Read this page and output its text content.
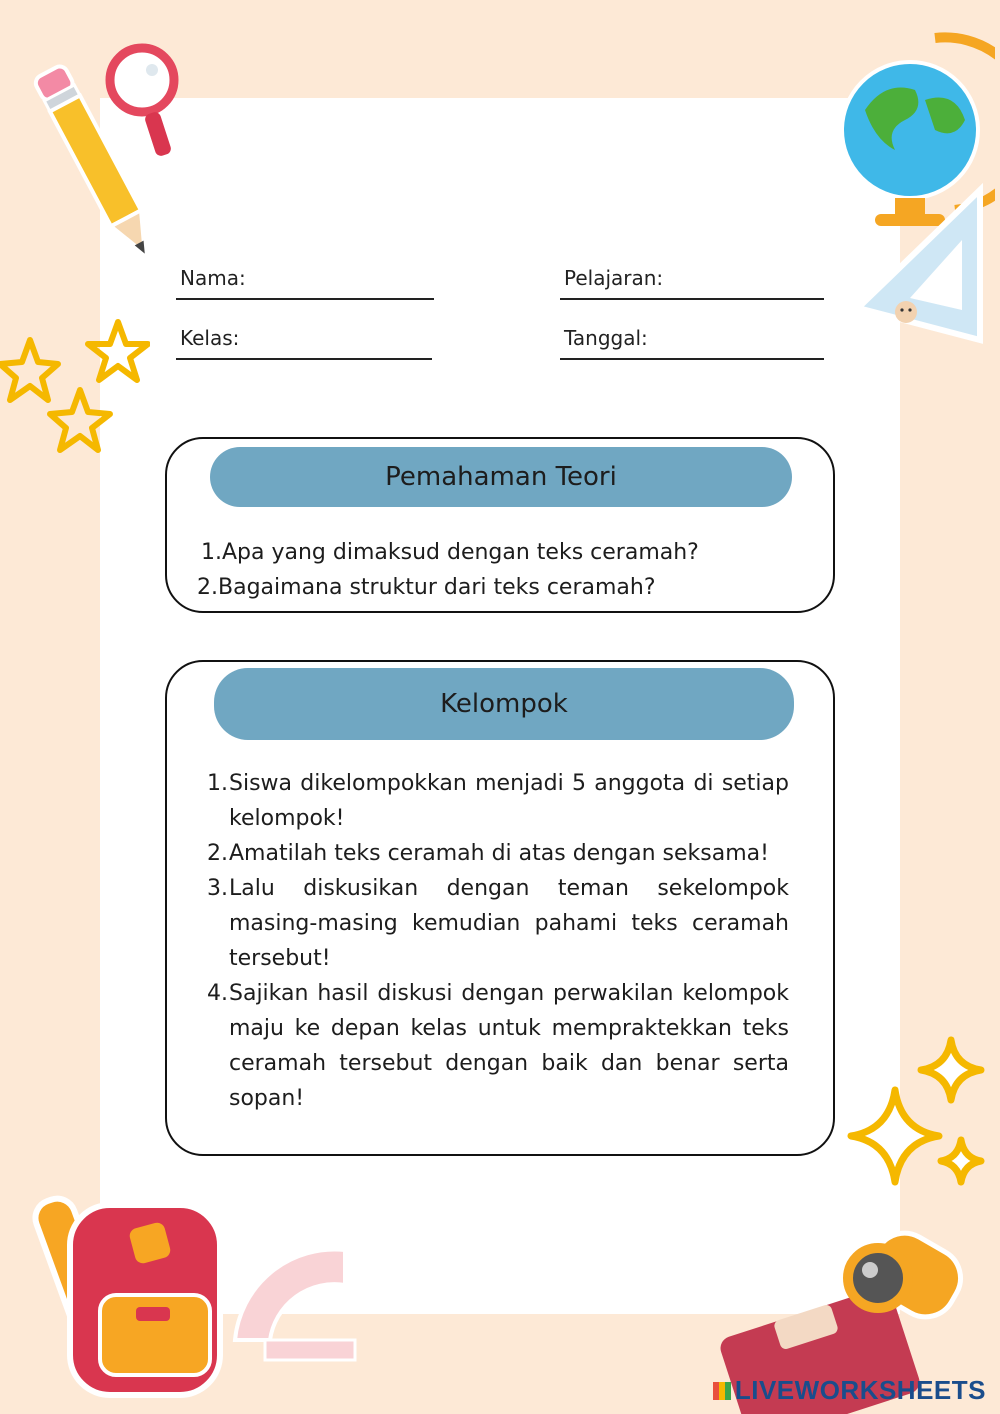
Nama:	Pelajaran:
Kelas:	Tanggal:
Pemahaman Teori
1.Apa yang dimaksud dengan teks ceramah?
2.Bagaimana struktur dari teks ceramah?
Kelompok
1. Siswa dikelompokkan menjadi 5 anggota di setiap kelompok!
2. Amatilah teks ceramah di atas dengan seksama!
3. Lalu diskusikan dengan teman sekelompok masing-masing kemudian pahami teks ceramah tersebut!
4. Sajikan hasil diskusi dengan perwakilan kelompok maju ke depan kelas untuk mempraktekkan teks ceramah tersebut dengan baik dan benar serta sopan!
LIVEWORKSHEETS
